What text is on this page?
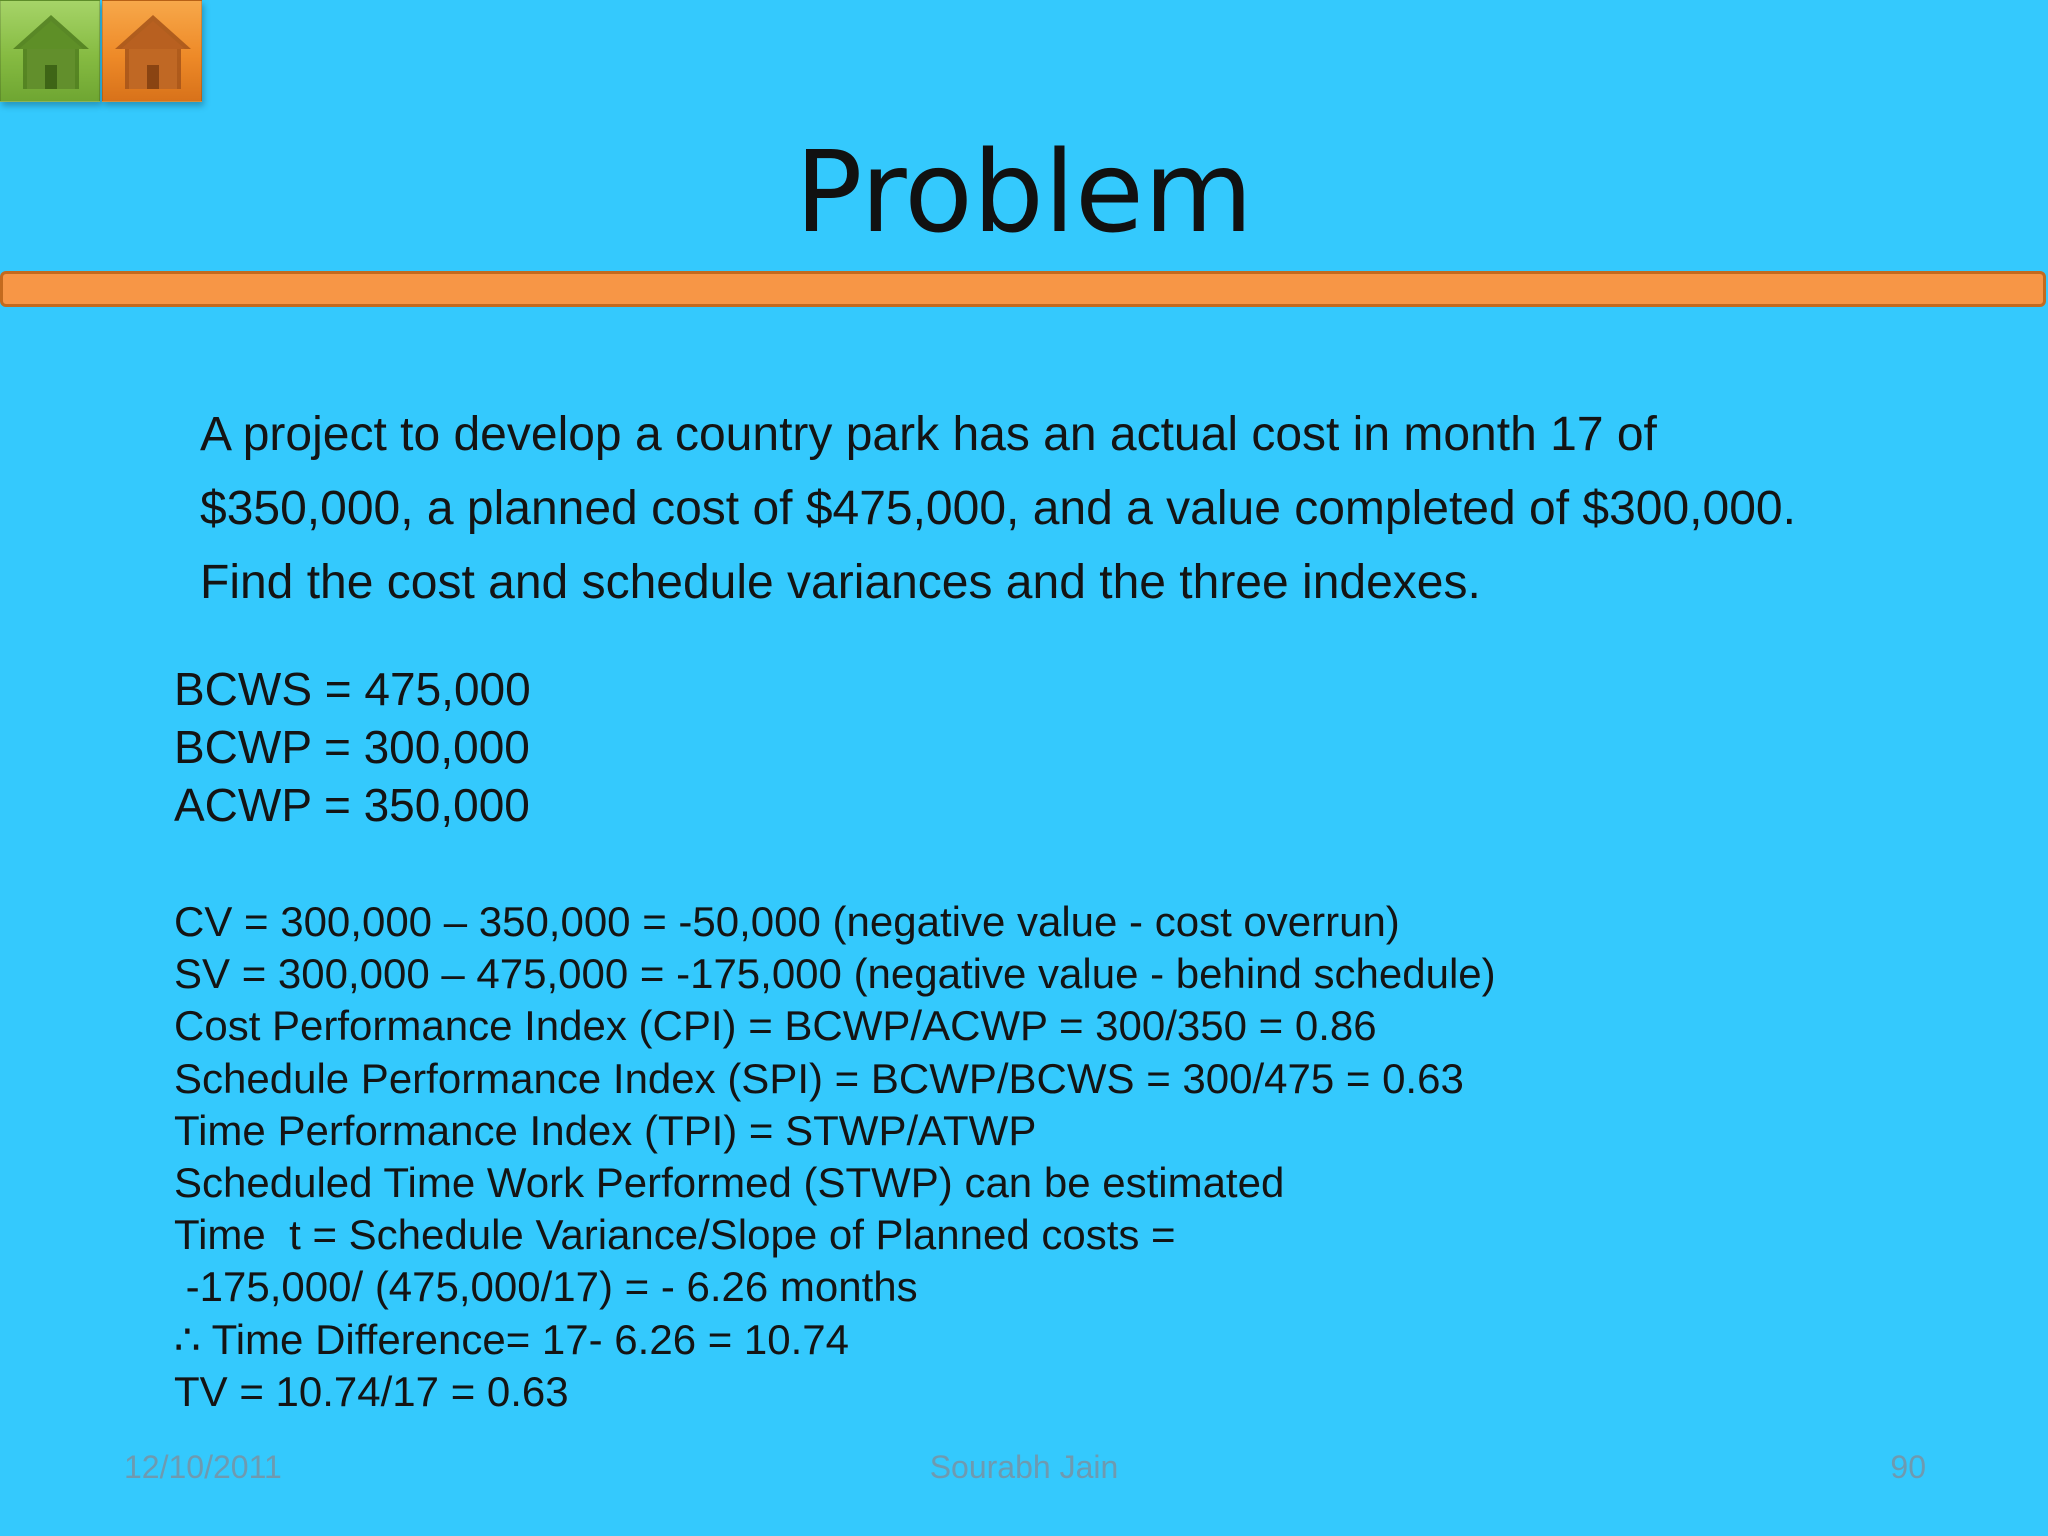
Problem
A project to develop a country park has an actual cost in month 17 of
$350,000, a planned cost of $475,000, and a value completed of $300,000.
Find the cost and schedule variances and the three indexes.
BCWS = 475,000
BCWP = 300,000
ACWP = 350,000
CV = 300,000 – 350,000 = -50,000 (negative value - cost overrun)
SV = 300,000 – 475,000 = -175,000 (negative value - behind schedule)
Cost Performance Index (CPI) = BCWP/ACWP = 300/350 = 0.86
Schedule Performance Index (SPI) = BCWP/BCWS = 300/475 = 0.63
Time Performance Index (TPI) = STWP/ATWP
Scheduled Time Work Performed (STWP) can be estimated
Time  t = Schedule Variance/Slope of Planned costs =
-175,000/ (475,000/17) = - 6.26 months
∴ Time Difference= 17- 6.26 = 10.74
TV = 10.74/17 = 0.63
12/10/2011	Sourabh Jain	90
